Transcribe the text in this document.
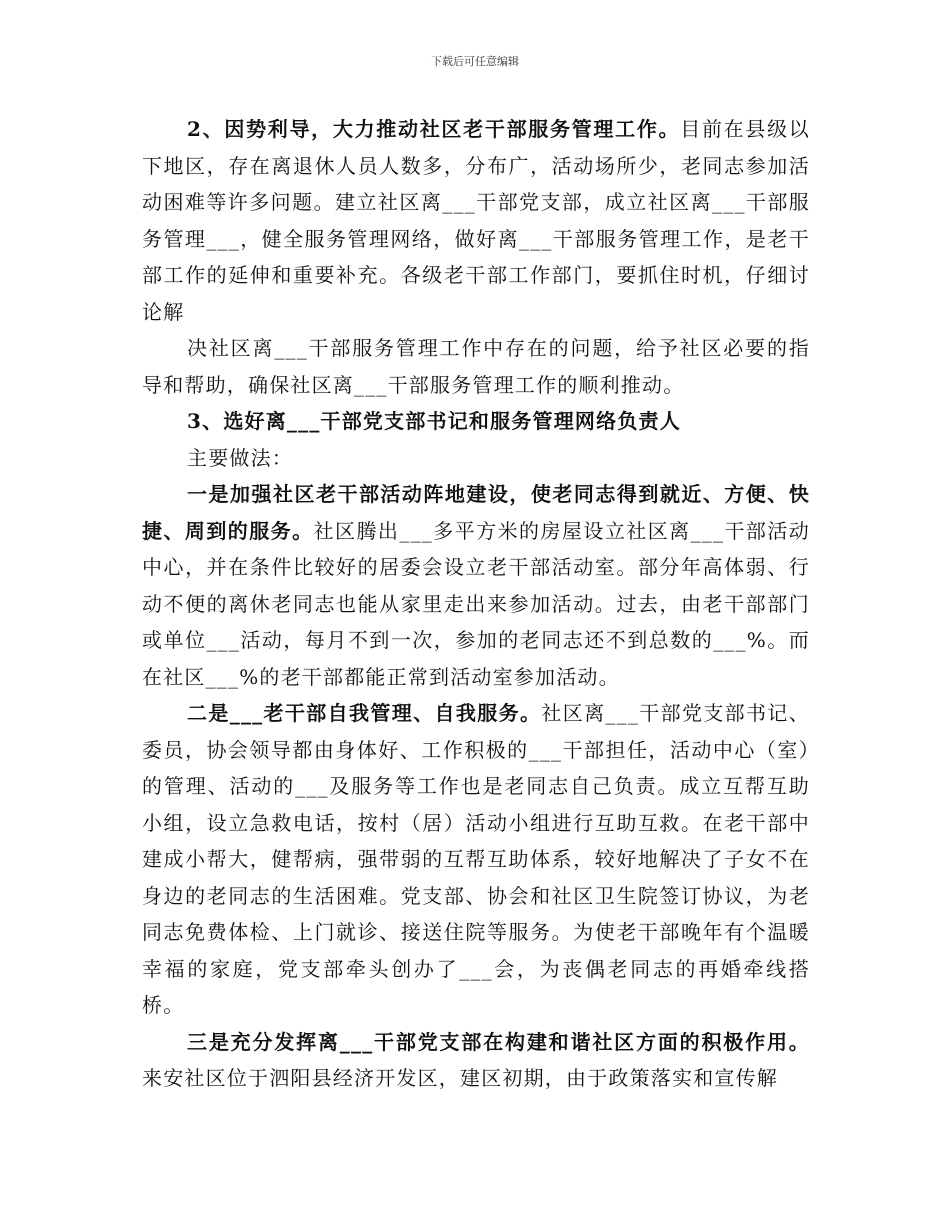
下载后可任意编辑

2、因势利导，大力推动社区老干部服务管理工作。目前在县级以下地区，存在离退休人员人数多，分布广，活动场所少，老同志参加活动困难等许多问题。建立社区离___干部党支部，成立社区离___干部服务管理___，健全服务管理网络，做好离___干部服务管理工作，是老干部工作的延伸和重要补充。各级老干部工作部门，要抓住时机，仔细讨论解

决社区离___干部服务管理工作中存在的问题，给予社区必要的指导和帮助，确保社区离___干部服务管理工作的顺利推动。

3、选好离___干部党支部书记和服务管理网络负责人

主要做法：

一是加强社区老干部活动阵地建设，使老同志得到就近、方便、快捷、周到的服务。社区腾出___多平方米的房屋设立社区离___干部活动中心，并在条件比较好的居委会设立老干部活动室。部分年高体弱、行动不便的离休老同志也能从家里走出来参加活动。过去，由老干部部门或单位___活动，每月不到一次，参加的老同志还不到总数的___%。而在社区___%的老干部都能正常到活动室参加活动。

二是___老干部自我管理、自我服务。社区离___干部党支部书记、委员，协会领导都由身体好、工作积极的___干部担任，活动中心（室）的管理、活动的___及服务等工作也是老同志自己负责。成立互帮互助小组，设立急救电话，按村（居）活动小组进行互助互救。在老干部中建成小帮大，健帮病，强带弱的互帮互助体系，较好地解决了子女不在身边的老同志的生活困难。党支部、协会和社区卫生院签订协议，为老同志免费体检、上门就诊、接送住院等服务。为使老干部晚年有个温暖幸福的家庭，党支部牵头创办了___会，为丧偶老同志的再婚牵线搭桥。

三是充分发挥离___干部党支部在构建和谐社区方面的积极作用。来安社区位于泗阳县经济开发区，建区初期，由于政策落实和宣传解
